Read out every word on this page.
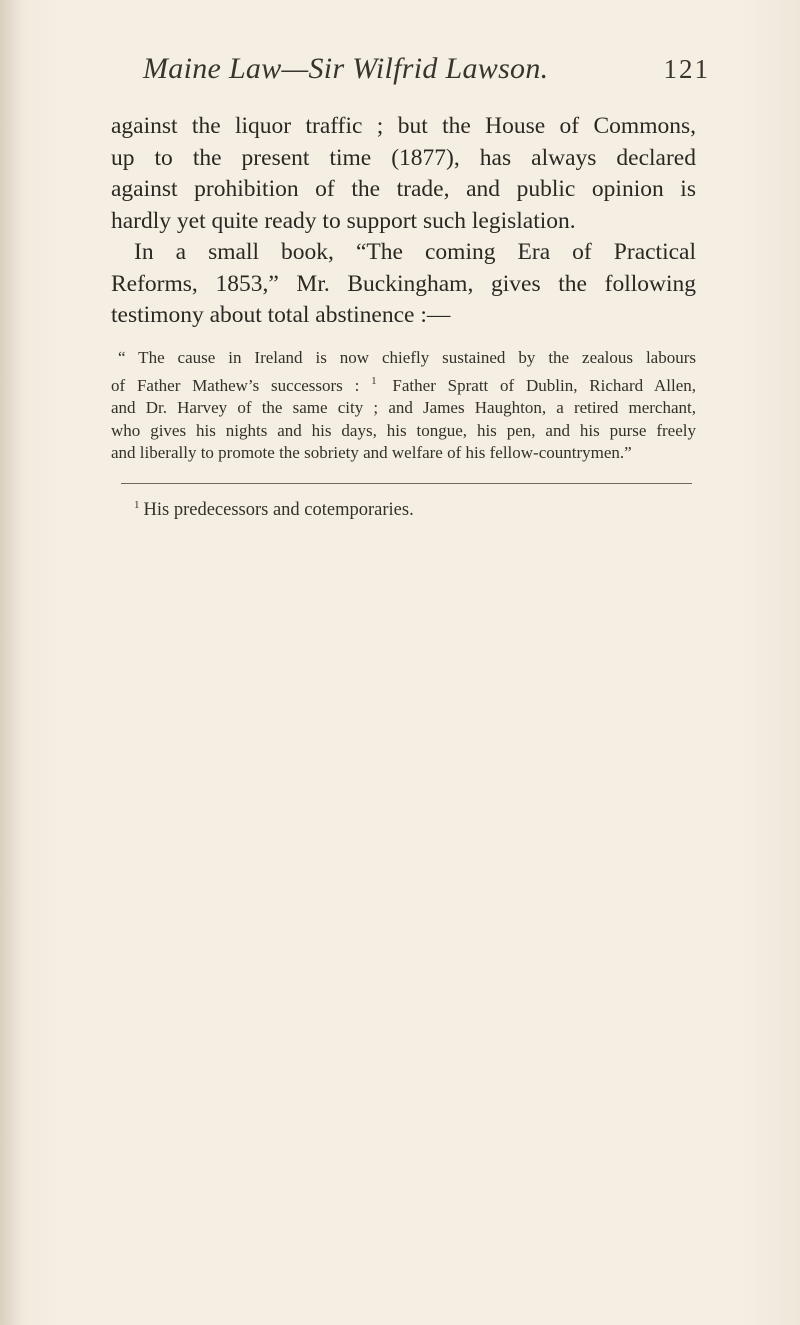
Maine Law—Sir Wilfrid Lawson.	121
against the liquor traffic ; but the House of Commons,
up to the present time (1877), has always declared
against prohibition of the trade, and public opinion is
hardly yet quite ready to support such legislation.
In a small book, “The coming Era of Practical
Reforms, 1853,” Mr. Buckingham, gives the following
testimony about total abstinence :—
“ The cause in Ireland is now chiefly sustained by the zealous labours
of Father Mathew’s successors : $^1$ Father Spratt of Dublin, Richard Allen,
and Dr. Harvey of the same city ; and James Haughton, a retired merchant,
who gives his nights and his days, his tongue, his pen, and his purse freely
and liberally to promote the sobriety and welfare of his fellow-countrymen.”
$^1$ His predecessors and cotemporaries.
